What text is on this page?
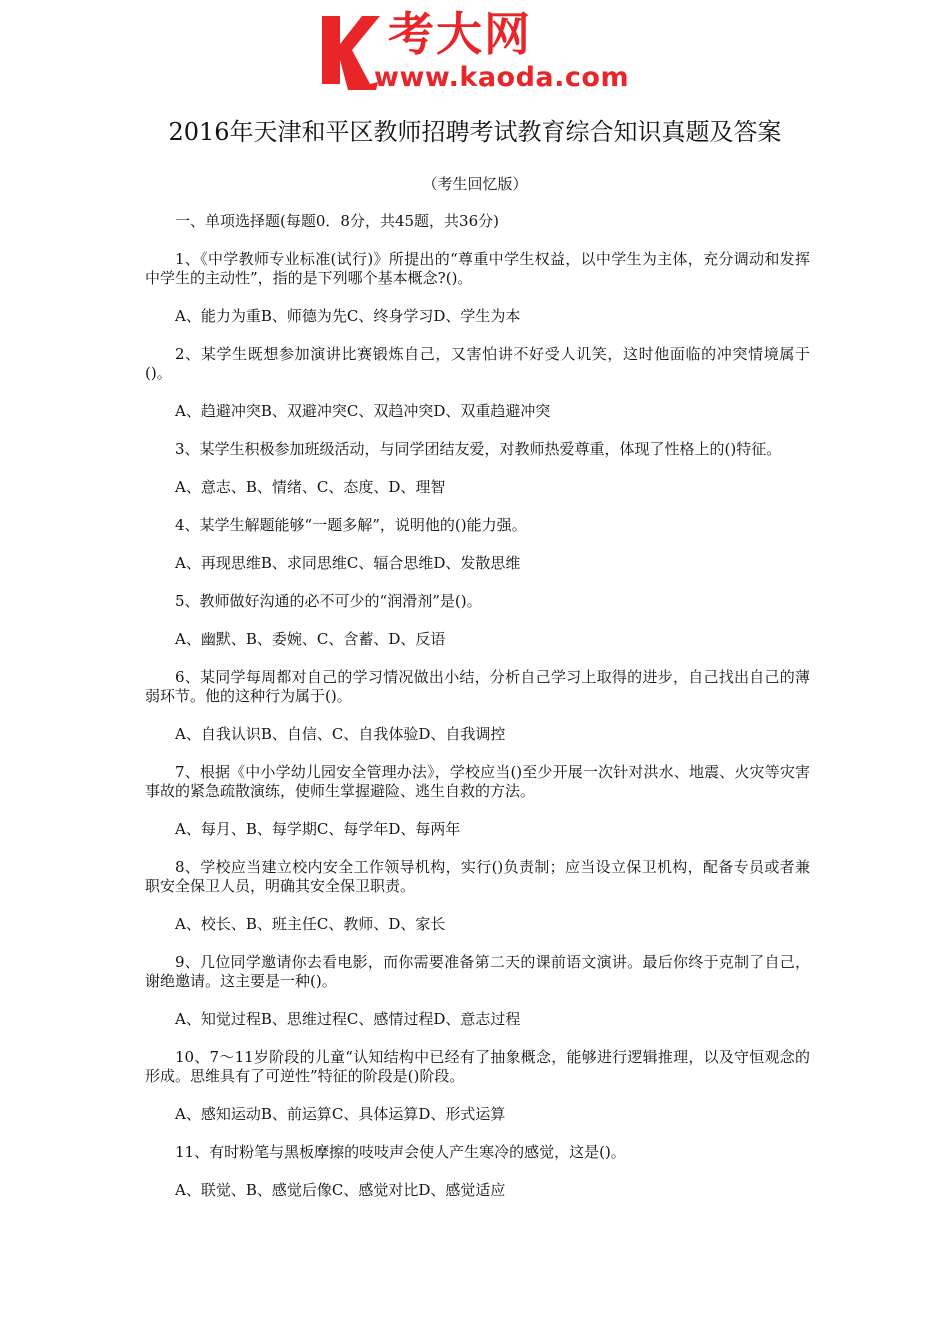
考大网
www.kaoda.com
2016年天津和平区教师招聘考试教育综合知识真题及答案
（考生回忆版）

一、单项选择题(每题0．8分，共45题，共36分)

1、《中学教师专业标准(试行)》所提出的“尊重中学生权益，以中学生为主体，充分调动和发挥中学生的主动性”，指的是下列哪个基本概念?()。

A、能力为重B、师德为先C、终身学习D、学生为本

2、某学生既想参加演讲比赛锻炼自己，又害怕讲不好受人讥笑，这时他面临的冲突情境属于()。

A、趋避冲突B、双避冲突C、双趋冲突D、双重趋避冲突

3、某学生积极参加班级活动，与同学团结友爱，对教师热爱尊重，体现了性格上的()特征。

A、意志、B、情绪、C、态度、D、理智

4、某学生解题能够“一题多解”，说明他的()能力强。

A、再现思维B、求同思维C、辐合思维D、发散思维

5、教师做好沟通的必不可少的“润滑剂”是()。

A、幽默、B、委婉、C、含蓄、D、反语

6、某同学每周都对自己的学习情况做出小结，分析自己学习上取得的进步，自己找出自己的薄弱环节。他的这种行为属于()。

A、自我认识B、自信、C、自我体验D、自我调控

7、根据《中小学幼儿园安全管理办法》，学校应当()至少开展一次针对洪水、地震、火灾等灾害事故的紧急疏散演练，使师生掌握避险、逃生自救的方法。

A、每月、B、每学期C、每学年D、每两年

8、学校应当建立校内安全工作领导机构，实行()负责制；应当设立保卫机构，配备专员或者兼职安全保卫人员，明确其安全保卫职责。

A、校长、B、班主任C、教师、D、家长

9、几位同学邀请你去看电影，而你需要准备第二天的课前语文演讲。最后你终于克制了自己，谢绝邀请。这主要是一种()。

A、知觉过程B、思维过程C、感情过程D、意志过程

10、7～11岁阶段的儿童“认知结构中已经有了抽象概念，能够进行逻辑推理，以及守恒观念的形成。思维具有了可逆性”特征的阶段是()阶段。

A、感知运动B、前运算C、具体运算D、形式运算

11、有时粉笔与黑板摩擦的吱吱声会使人产生寒冷的感觉，这是()。

A、联觉、B、感觉后像C、感觉对比D、感觉适应
